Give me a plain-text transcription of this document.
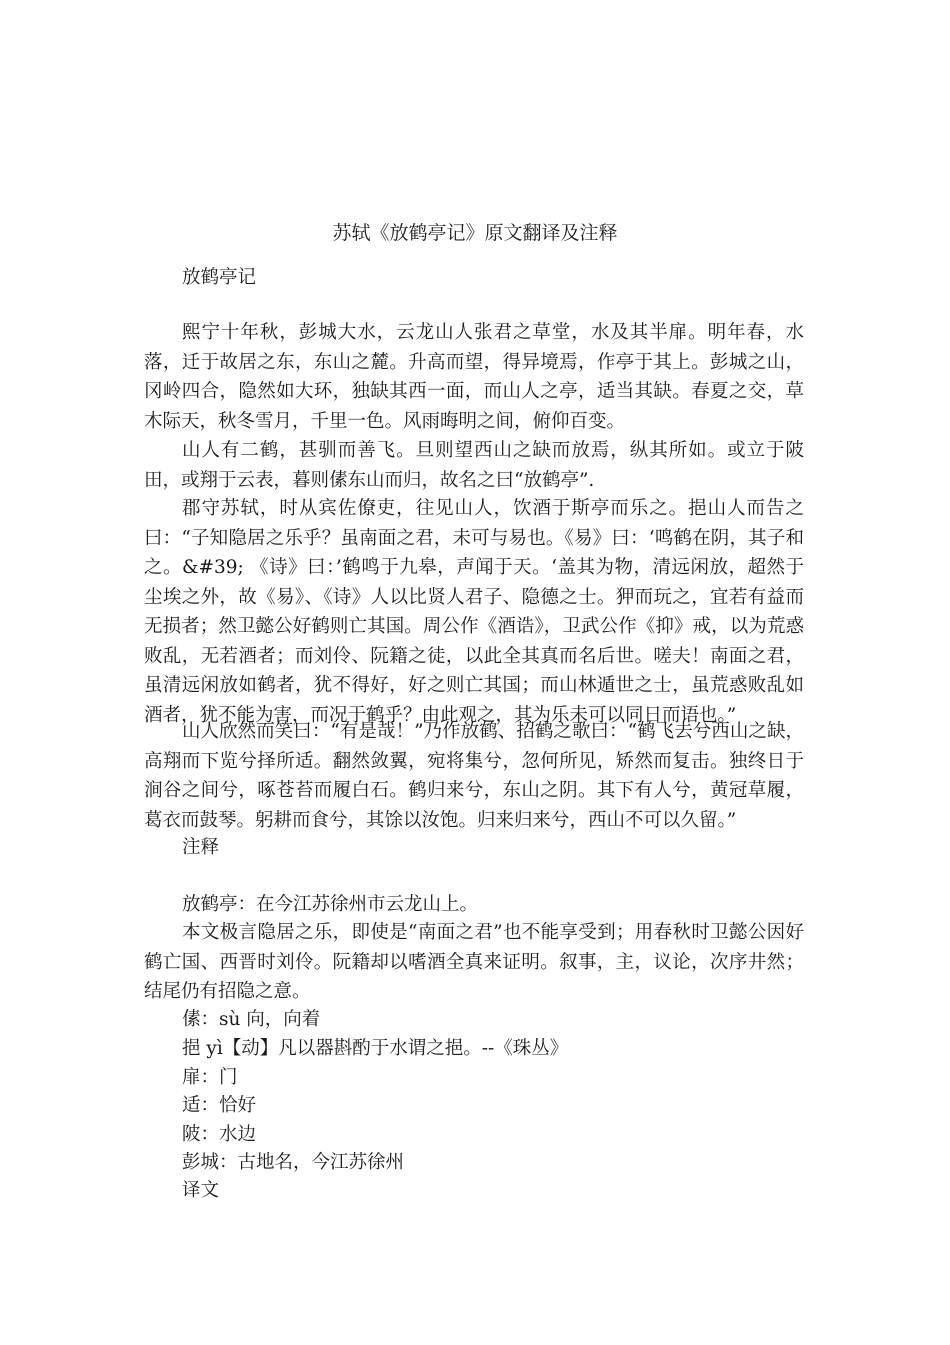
苏轼《放鹤亭记》原文翻译及注释

放鹤亭记

熙宁十年秋，彭城大水，云龙山人张君之草堂，水及其半扉。明年春，水落，迁于故居之东，东山之麓。升高而望，得异境焉，作亭于其上。彭城之山，冈岭四合，隐然如大环，独缺其西一面，而山人之亭，适当其缺。春夏之交，草木际天，秋冬雪月，千里一色。风雨晦明之间，俯仰百变。

山人有二鹤，甚驯而善飞。旦则望西山之缺而放焉，纵其所如。或立于陂田，或翔于云表，暮则傃东山而归，故名之曰“放鹤亭”.

郡守苏轼，时从宾佐僚吏，往见山人，饮酒于斯亭而乐之。挹山人而告之曰：“子知隐居之乐乎？虽南面之君，未可与易也。《易》曰：‘鸣鹤在阴，其子和之。&#39; 《诗》曰：’鹤鸣于九皋，声闻于天。‘盖其为物，清远闲放，超然于尘埃之外，故《易》、《诗》人以比贤人君子、隐德之士。狎而玩之，宜若有益而无损者；然卫懿公好鹤则亡其国。周公作《酒诰》，卫武公作《抑》戒，以为荒惑败乱，无若酒者；而刘伶、阮籍之徒，以此全其真而名后世。嗟夫！南面之君，虽清远闲放如鹤者，犹不得好，好之则亡其国；而山林遁世之士，虽荒惑败乱如酒者，犹不能为害，而况于鹤乎？由此观之，其为乐未可以同日而语也。”

山人欣然而笑曰：“有是哉！”乃作放鹤、招鹤之歌曰：“鹤飞去兮西山之缺，高翔而下览兮择所适。翻然敛翼，宛将集兮，忽何所见，矫然而复击。独终日于涧谷之间兮，啄苍苔而履白石。鹤归来兮，东山之阴。其下有人兮，黄冠草履，葛衣而鼓琴。躬耕而食兮，其馀以汝饱。归来归来兮，西山不可以久留。”

注释

放鹤亭：在今江苏徐州市云龙山上。

本文极言隐居之乐，即使是“南面之君”也不能享受到；用春秋时卫懿公因好鹤亡国、西晋时刘伶。阮籍却以嗜酒全真来证明。叙事，主，议论，次序井然；结尾仍有招隐之意。

傃：sù 向，向着

挹 yì【动】凡以器斟酌于水谓之挹。--《珠丛》

扉：门

适：恰好

陂：水边

彭城：古地名，今江苏徐州

译文
